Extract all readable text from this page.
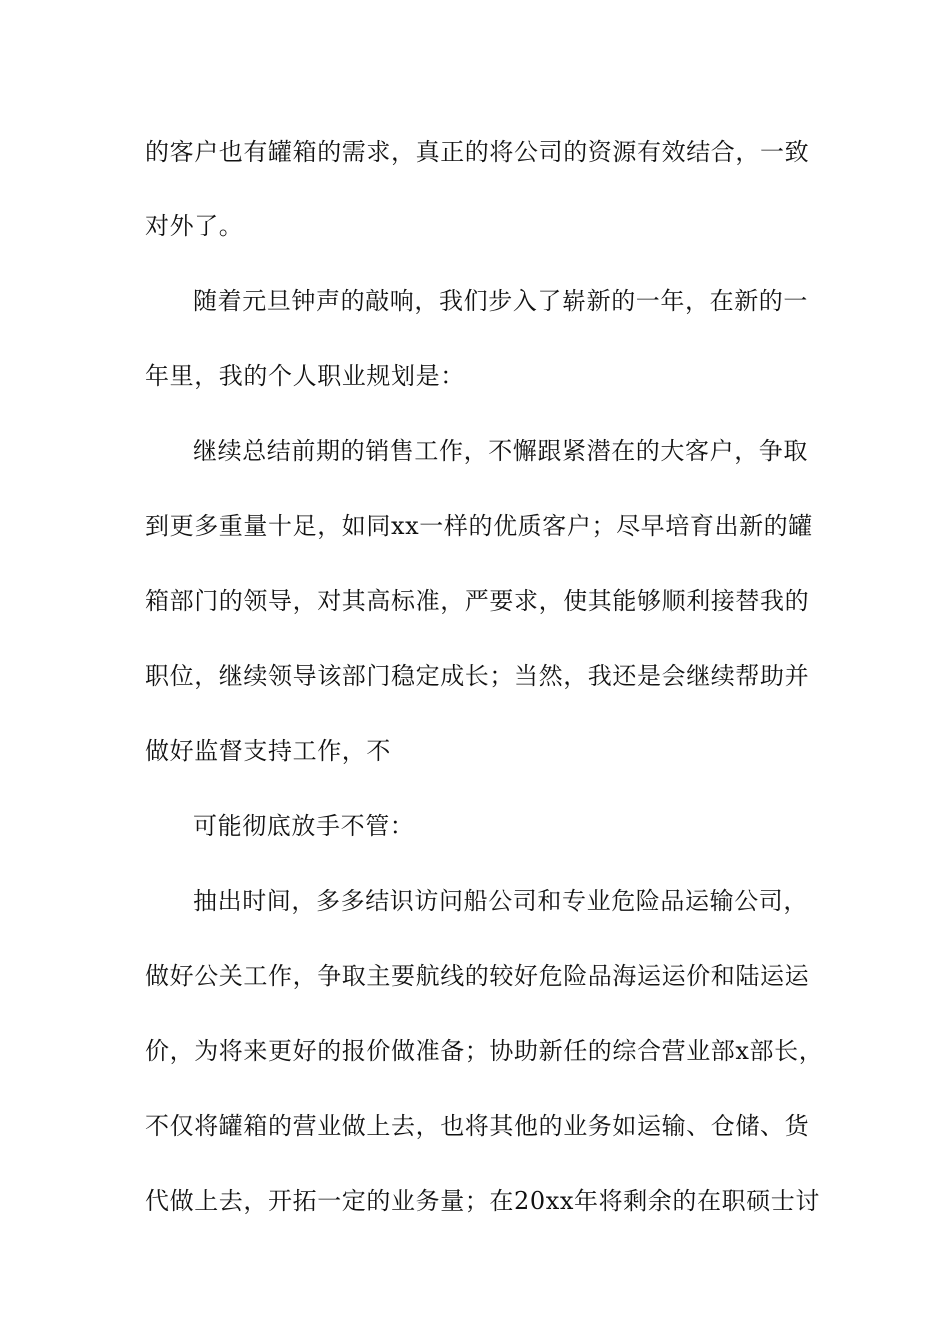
的客户也有罐箱的需求，真正的将公司的资源有效结合，一致
对外了。
随着元旦钟声的敲响，我们步入了崭新的一年，在新的一
年里，我的个人职业规划是：
继续总结前期的销售工作，不懈跟紧潜在的大客户，争取
到更多重量十足，如同xx一样的优质客户；尽早培育出新的罐
箱部门的领导，对其高标准，严要求，使其能够顺利接替我的
职位，继续领导该部门稳定成长；当然，我还是会继续帮助并
做好监督支持工作，不
可能彻底放手不管：
抽出时间，多多结识访问船公司和专业危险品运输公司，
做好公关工作，争取主要航线的较好危险品海运运价和陆运运
价，为将来更好的报价做准备；协助新任的综合营业部x部长，
不仅将罐箱的营业做上去，也将其他的业务如运输、仓储、货
代做上去，开拓一定的业务量；在20xx年将剩余的在职硕士讨
